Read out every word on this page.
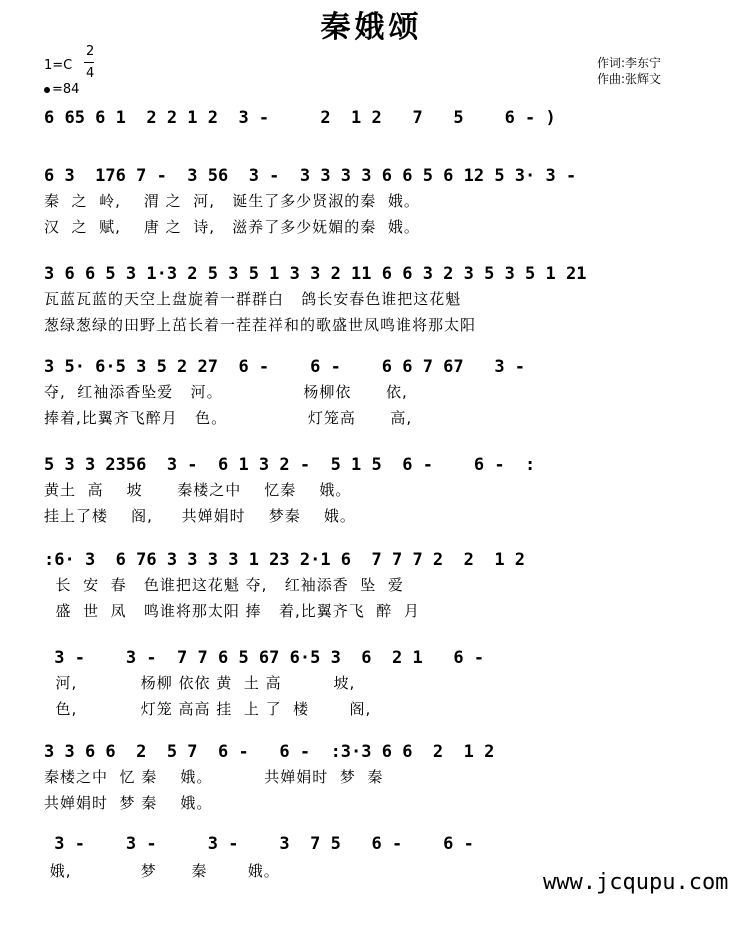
秦娥颂
1=C
2
4
=84
作词:李东宁
作曲:张辉文
6 65 6 1  2 2 1 2  3 -     2  1 2   7   5    6 - )
6 3  176 7 -  3 56  3 -  3 3 3 3 6 6 5 6 12 5 3· 3 -
秦  之  岭,    渭 之  河,   诞生了多少贤淑的秦  娥。
汉  之  赋,    唐 之  诗,   滋养了多少妩媚的秦  娥。
3 6 6 5 3 1·3 2 5 3 5 1 3 3 2 11 6 6 3 2 3 5 3 5 1 21
瓦蓝瓦蓝的天空上盘旋着一群群白   鸽长安春色谁把这花魁
葱绿葱绿的田野上茁长着一茬茬祥和的歌盛世凤鸣谁将那太阳
3 5· 6·5 3 5 2 27  6 -    6 -    6 6 7 67   3 -
夺,  红袖添香坠爱   河。              杨柳依      依,
捧着,比翼齐飞醉月   色。              灯笼高      高,
5 3 3 2356  3 -  6 1 3 2 -  5 1 5  6 -    6 -  :
黄土  高    坡      秦楼之中    忆秦    娥。
挂上了楼    阁,     共婵娟时    梦秦    娥。
:6· 3  6 76 3 3 3 3 1 23 2·1 6  7 7 7 2  2  1 2
长  安  春   色谁把这花魁 夺,   红袖添香  坠  爱
盛  世  凤   鸣谁将那太阳 捧   着,比翼齐飞  醉  月
3 -    3 -  7 7 6 5 67 6·5 3  6  2 1   6 -
河,           杨柳 依依 黄  土 高         坡,
色,           灯笼 高高 挂  上 了  楼       阁,
3 3 6 6  2  5 7  6 -   6 -  :3·3 6 6  2  1 2
秦楼之中  忆 秦    娥。         共婵娟时  梦  秦
共婵娟时  梦 秦    娥。
3 -    3 -     3 -    3  7 5   6 -    6 -
娥,            梦      秦       娥。	www.jcqupu.com
